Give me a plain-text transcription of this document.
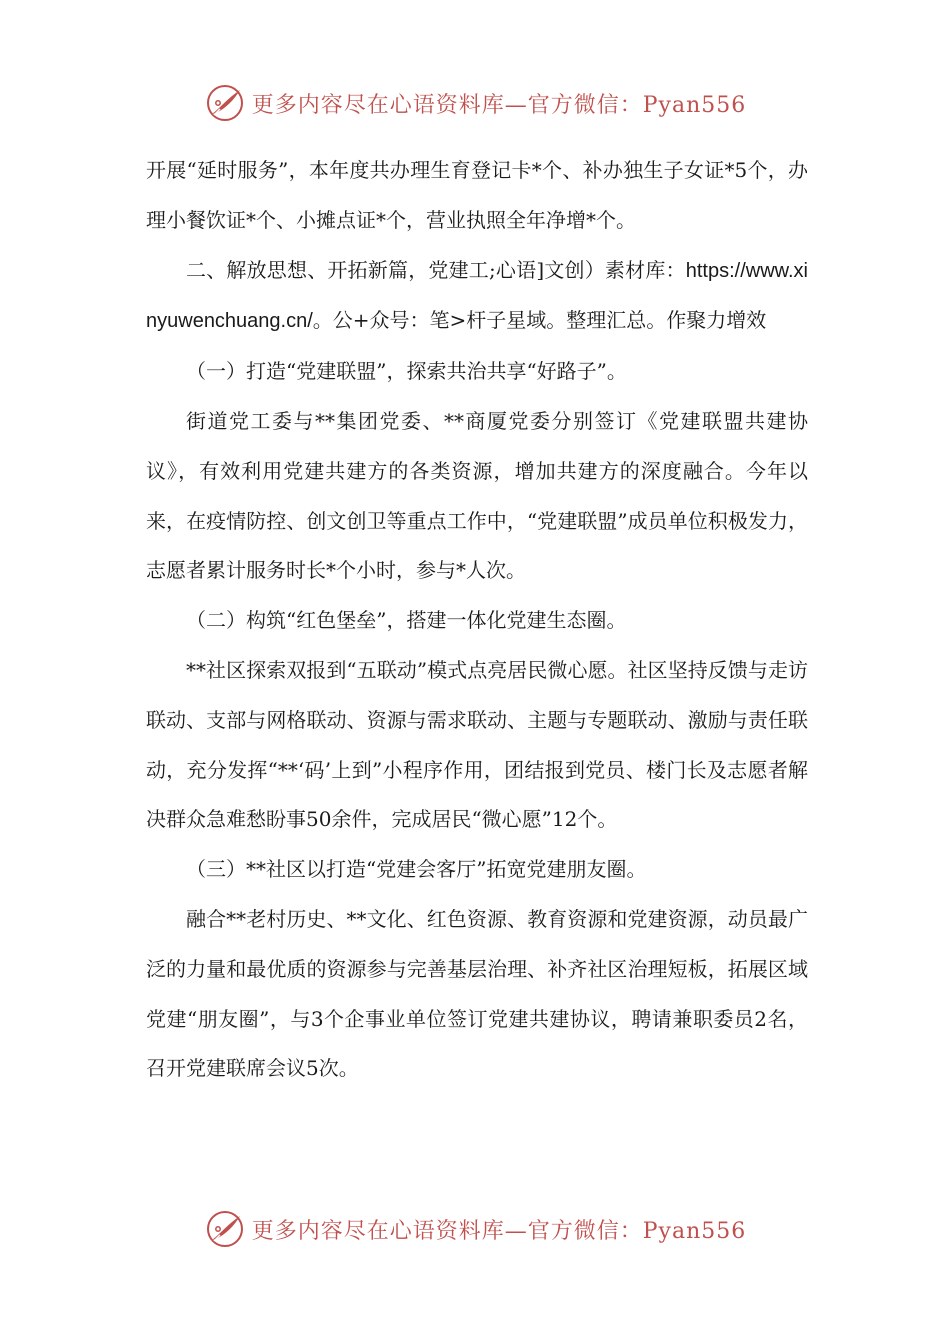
更多内容尽在心语资料库—官方微信：Pyan556

开展“延时服务”，本年度共办理生育登记卡*个、补办独生子女证*5个，办理小餐饮证*个、小摊点证*个，营业执照全年净增*个。

二、解放思想、开拓新篇，党建工;心语]文创）素材库：https://www.xinyuwenchuang.cn/。公+众号：笔>杆子星域。整理汇总。作聚力增效

（一）打造“党建联盟”，探索共治共享“好路子”。

街道党工委与**集团党委、**商厦党委分别签订《党建联盟共建协议》，有效利用党建共建方的各类资源，增加共建方的深度融合。今年以来，在疫情防控、创文创卫等重点工作中，“党建联盟”成员单位积极发力，志愿者累计服务时长*个小时，参与*人次。

（二）构筑“红色堡垒”，搭建一体化党建生态圈。

**社区探索双报到“五联动”模式点亮居民微心愿。社区坚持反馈与走访联动、支部与网格联动、资源与需求联动、主题与专题联动、激励与责任联动，充分发挥“**‘码’上到”小程序作用，团结报到党员、楼门长及志愿者解决群众急难愁盼事50余件，完成居民“微心愿”12个。

（三）**社区以打造“党建会客厅”拓宽党建朋友圈。

融合**老村历史、**文化、红色资源、教育资源和党建资源，动员最广泛的力量和最优质的资源参与完善基层治理、补齐社区治理短板，拓展区域党建“朋友圈”，与3个企事业单位签订党建共建协议，聘请兼职委员2名，召开党建联席会议5次。

更多内容尽在心语资料库—官方微信：Pyan556
